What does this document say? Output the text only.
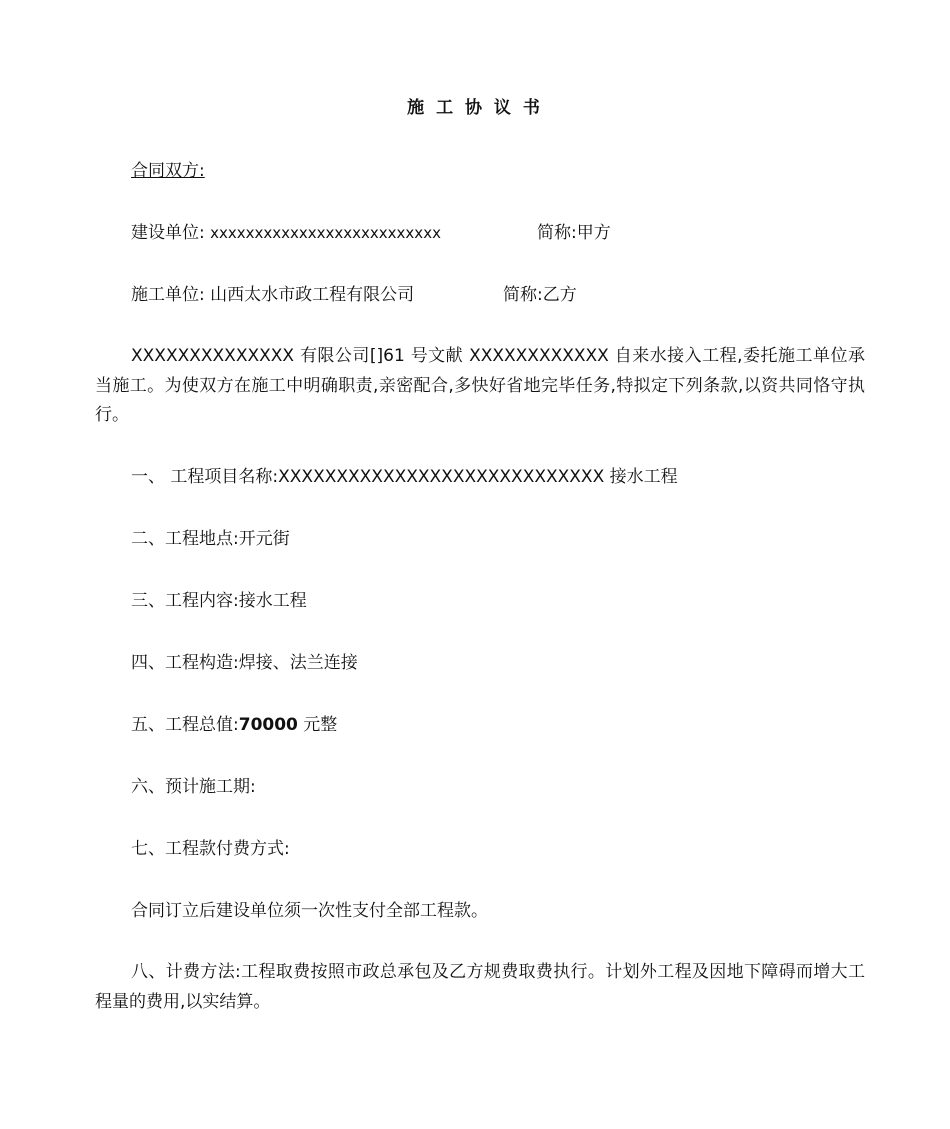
施 工 协 议 书
合同双方:
建设单位: xxxxxxxxxxxxxxxxxxxxxxxxxx	简称:甲方
施工单位: 山西太水市政工程有限公司	简称:乙方
XXXXXXXXXXXXXX 有限公司[]61 号文献 XXXXXXXXXXXX 自来水接入工程,委托施工单位承当施工。为使双方在施工中明确职责,亲密配合,多快好省地完毕任务,特拟定下列条款,以资共同恪守执行。
一、 工程项目名称:XXXXXXXXXXXXXXXXXXXXXXXXXXXX 接水工程
二、工程地点:开元街
三、工程内容:接水工程
四、工程构造:焊接、法兰连接
五、工程总值:70000 元整
六、预计施工期:
七、工程款付费方式:
合同订立后建设单位须一次性支付全部工程款。
八、计费方法:工程取费按照市政总承包及乙方规费取费执行。计划外工程及因地下障碍而增大工程量的费用,以实结算。
